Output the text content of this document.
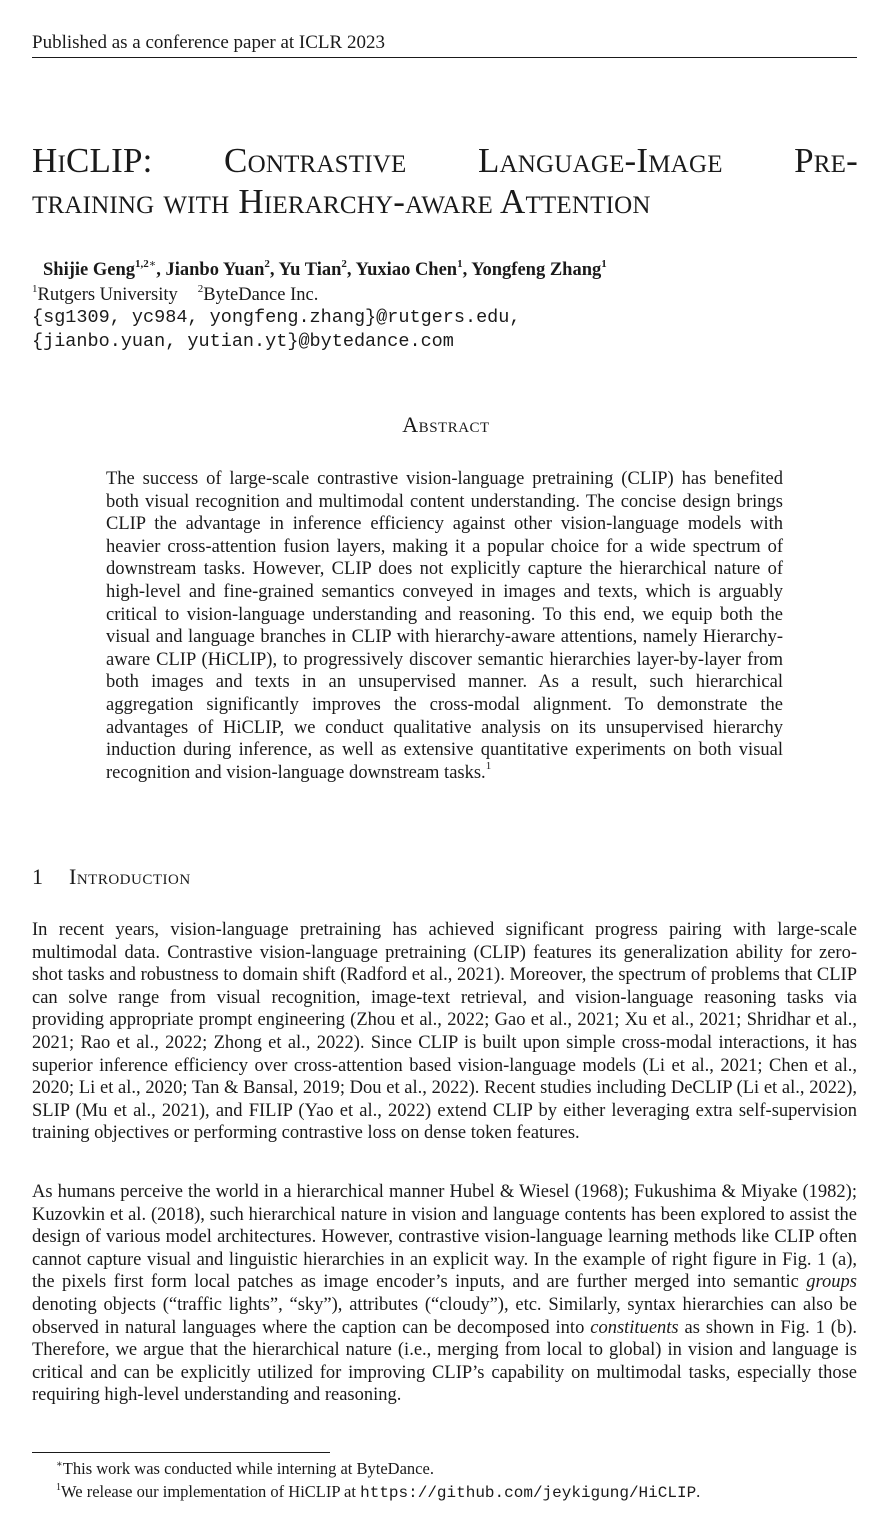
Published as a conference paper at ICLR 2023
HiCLIP: Contrastive Language-Image Pre-
training with Hierarchy-aware Attention
Shijie Geng$^{1,2∗}$, Jianbo Yuan$^2$, Yu Tian$^2$, Yuxiao Chen$^1$, Yongfeng Zhang$^1$
$^1$Rutgers University $^2$ByteDance Inc.
{sg1309, yc984, yongfeng.zhang}@rutgers.edu,
{jianbo.yuan, yutian.yt}@bytedance.com
Abstract
The success of large-scale contrastive vision-language pretraining (CLIP) has benefited both visual recognition and multimodal content understanding. The concise design brings CLIP the advantage in inference efficiency against other vision-language models with heavier cross-attention fusion layers, making it a popular choice for a wide spectrum of downstream tasks. However, CLIP does not explicitly capture the hierarchical nature of high-level and fine-grained semantics conveyed in images and texts, which is arguably critical to vision-language understanding and reasoning. To this end, we equip both the visual and language branches in CLIP with hierarchy-aware attentions, namely Hierarchy-aware CLIP (HiCLIP), to progressively discover semantic hierarchies layer-by-layer from both images and texts in an unsupervised manner. As a result, such hierarchical aggregation significantly improves the cross-modal alignment. To demonstrate the advantages of HiCLIP, we conduct qualitative analysis on its unsupervised hierarchy induction during inference, as well as extensive quantitative experiments on both visual recognition and vision-language downstream tasks.$^1$
1 Introduction
In recent years, vision-language pretraining has achieved significant progress pairing with large-scale multimodal data. Contrastive vision-language pretraining (CLIP) features its generalization ability for zero-shot tasks and robustness to domain shift (Radford et al., 2021). Moreover, the spectrum of problems that CLIP can solve range from visual recognition, image-text retrieval, and vision-language reasoning tasks via providing appropriate prompt engineering (Zhou et al., 2022; Gao et al., 2021; Xu et al., 2021; Shridhar et al., 2021; Rao et al., 2022; Zhong et al., 2022). Since CLIP is built upon simple cross-modal interactions, it has superior inference efficiency over cross-attention based vision-language models (Li et al., 2021; Chen et al., 2020; Li et al., 2020; Tan & Bansal, 2019; Dou et al., 2022). Recent studies including DeCLIP (Li et al., 2022), SLIP (Mu et al., 2021), and FILIP (Yao et al., 2022) extend CLIP by either leveraging extra self-supervision training objectives or performing contrastive loss on dense token features.
As humans perceive the world in a hierarchical manner Hubel & Wiesel (1968); Fukushima & Miyake (1982); Kuzovkin et al. (2018), such hierarchical nature in vision and language contents has been explored to assist the design of various model architectures. However, contrastive vision-language learning methods like CLIP often cannot capture visual and linguistic hierarchies in an explicit way. In the example of right figure in Fig. 1 (a), the pixels first form local patches as image encoder’s inputs, and are further merged into semantic groups denoting objects (“traffic lights”, “sky”), attributes (“cloudy”), etc. Similarly, syntax hierarchies can also be observed in natural languages where the caption can be decomposed into constituents as shown in Fig. 1 (b). Therefore, we argue that the hierarchical nature (i.e., merging from local to global) in vision and language is critical and can be explicitly utilized for improving CLIP’s capability on multimodal tasks, especially those requiring high-level understanding and reasoning.
∗This work was conducted while interning at ByteDance.
$^1$We release our implementation of HiCLIP at https://github.com/jeykigung/HiCLIP.
